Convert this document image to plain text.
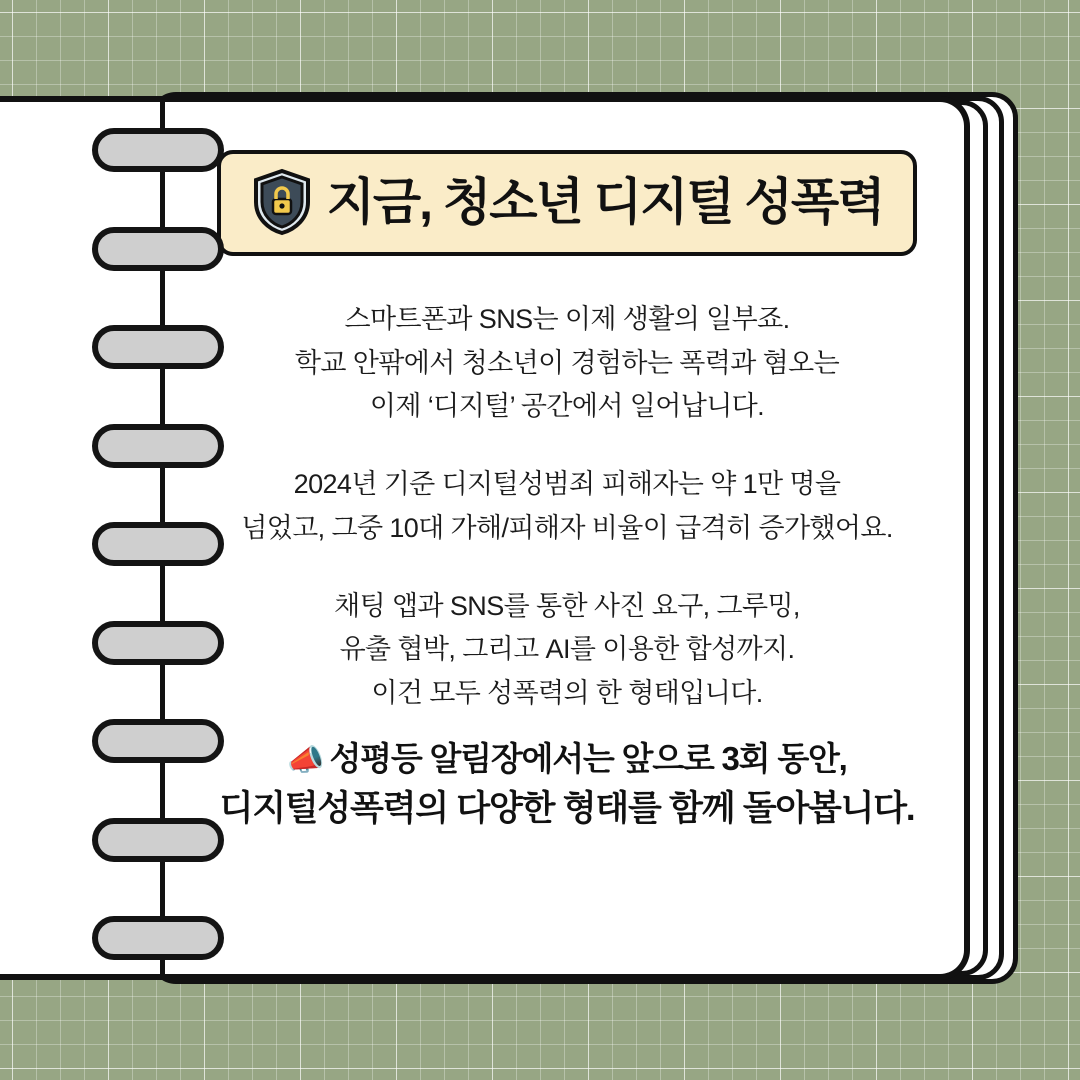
지금, 청소년 디지털 성폭력

스마트폰과 SNS는 이제 생활의 일부죠.
학교 안팎에서 청소년이 경험하는 폭력과 혐오는
이제 ‘디지털’ 공간에서 일어납니다.

2024년 기준 디지털성범죄 피해자는 약 1만 명을
넘었고, 그중 10대 가해/피해자 비율이 급격히 증가했어요.

채팅 앱과 SNS를 통한 사진 요구, 그루밍,
유출 협박, 그리고 AI를 이용한 합성까지.
이건 모두 성폭력의 한 형태입니다.

📣 성평등 알림장에서는 앞으로 3회 동안,
디지털성폭력의 다양한 형태를 함께 돌아봅니다.
